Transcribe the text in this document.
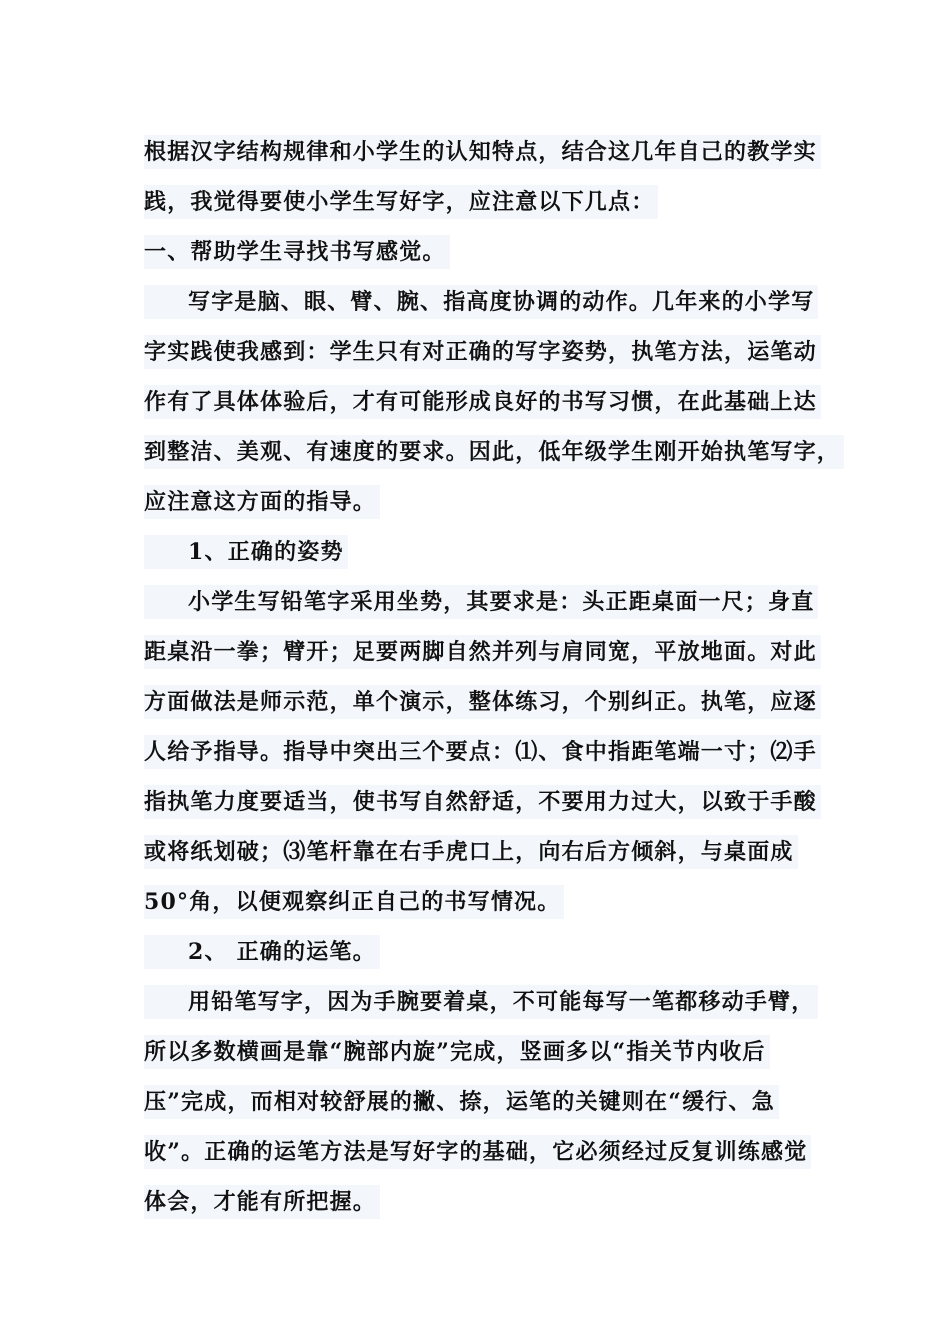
根据汉字结构规律和小学生的认知特点，结合这几年自己的教学实
践，我觉得要使小学生写好字，应注意以下几点：
一、帮助学生寻找书写感觉。
写字是脑、眼、臂、腕、指高度协调的动作。几年来的小学写
字实践使我感到：学生只有对正确的写字姿势，执笔方法，运笔动
作有了具体体验后，才有可能形成良好的书写习惯，在此基础上达
到整洁、美观、有速度的要求。因此，低年级学生刚开始执笔写字，
应注意这方面的指导。
1、正确的姿势
小学生写铅笔字采用坐势，其要求是：头正距桌面一尺；身直
距桌沿一拳；臂开；足要两脚自然并列与肩同宽，平放地面。对此
方面做法是师示范，单个演示，整体练习，个别纠正。执笔，应逐
人给予指导。指导中突出三个要点：⑴、食中指距笔端一寸；⑵手
指执笔力度要适当，使书写自然舒适，不要用力过大，以致于手酸
或将纸划破；⑶笔杆靠在右手虎口上，向右后方倾斜，与桌面成
50°角，以便观察纠正自己的书写情况。
2、 正确的运笔。
用铅笔写字，因为手腕要着桌，不可能每写一笔都移动手臂，
所以多数横画是靠“腕部内旋”完成，竖画多以“指关节内收后
压”完成，而相对较舒展的撇、捺，运笔的关键则在“缓行、急
收”。正确的运笔方法是写好字的基础，它必须经过反复训练感觉
体会，才能有所把握。
